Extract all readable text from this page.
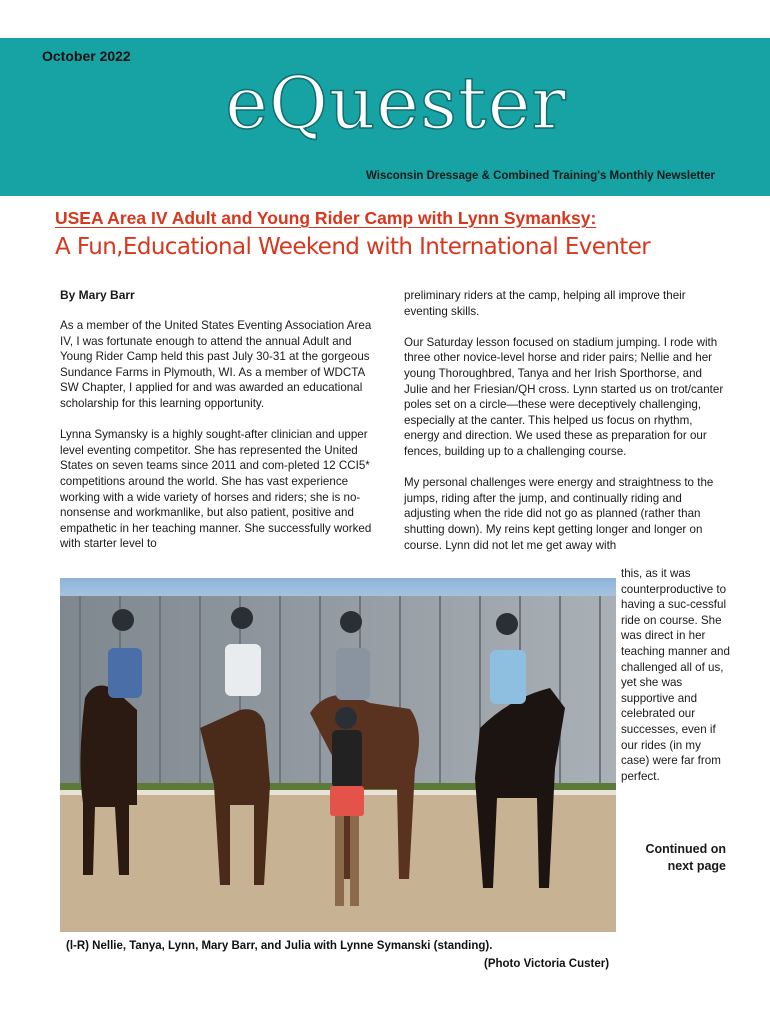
October 2022
eQuester
Wisconsin Dressage & Combined Training's Monthly Newsletter
USEA Area IV Adult and Young Rider Camp with Lynn Symanksy:
A Fun,Educational Weekend with International Eventer
By Mary Barr

As a member of the United States Eventing Association Area IV, I was fortunate enough to attend the annual Adult and Young Rider Camp held this past July 30-31 at the gorgeous Sundance Farms in Plymouth, WI. As a member of WDCTA SW Chapter, I applied for and was awarded an educational scholarship for this learning opportunity.

Lynna Symansky is a highly sought-after clinician and upper level eventing competitor. She has represented the United States on seven teams since 2011 and com-pleted 12 CCI5* competitions around the world. She has vast experience working with a wide variety of horses and riders; she is no-nonsense and workmanlike, but also patient, positive and empathetic in her teaching manner. She successfully worked with starter level to

preliminary riders at the camp, helping all improve their eventing skills.

Our Saturday lesson focused on stadium jumping. I rode with three other novice-level horse and rider pairs; Nellie and her young Thoroughbred, Tanya and her Irish Sporthorse, and Julie and her Friesian/QH cross. Lynn started us on trot/canter poles set on a circle—these were deceptively challenging, especially at the canter. This helped us focus on rhythm, energy and direction. We used these as preparation for our fences, building up to a challenging course.

My personal challenges were energy and straightness to the jumps, riding after the jump, and continually riding and adjusting when the ride did not go as planned (rather than shutting down). My reins kept getting longer and longer on course. Lynn did not let me get away with

this, as it was counterproductive to having a suc-cessful ride on course. She was direct in her teaching manner and challenged all of us, yet she was supportive and celebrated our successes, even if our rides (in my case) were far from perfect.

Continued on next page
(l-R) Nellie, Tanya, Lynn, Mary Barr, and Julia with Lynne Symanski (standing).
(Photo Victoria Custer)
